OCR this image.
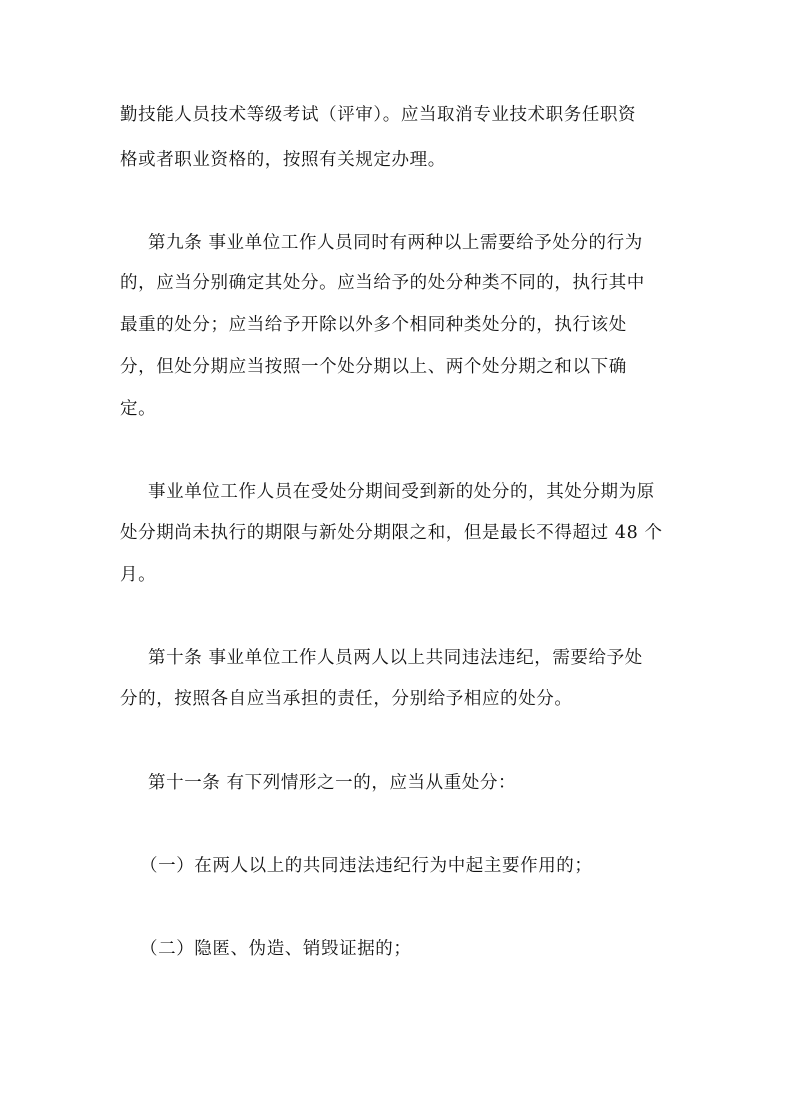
勤技能人员技术等级考试（评审）。应当取消专业技术职务任职资
格或者职业资格的，按照有关规定办理。
第九条 事业单位工作人员同时有两种以上需要给予处分的行为
的，应当分别确定其处分。应当给予的处分种类不同的，执行其中
最重的处分；应当给予开除以外多个相同种类处分的，执行该处
分，但处分期应当按照一个处分期以上、两个处分期之和以下确
定。
事业单位工作人员在受处分期间受到新的处分的，其处分期为原
处分期尚未执行的期限与新处分期限之和，但是最长不得超过 48 个
月。
第十条 事业单位工作人员两人以上共同违法违纪，需要给予处
分的，按照各自应当承担的责任，分别给予相应的处分。
第十一条 有下列情形之一的，应当从重处分：
（一）在两人以上的共同违法违纪行为中起主要作用的；
（二）隐匿、伪造、销毁证据的；
